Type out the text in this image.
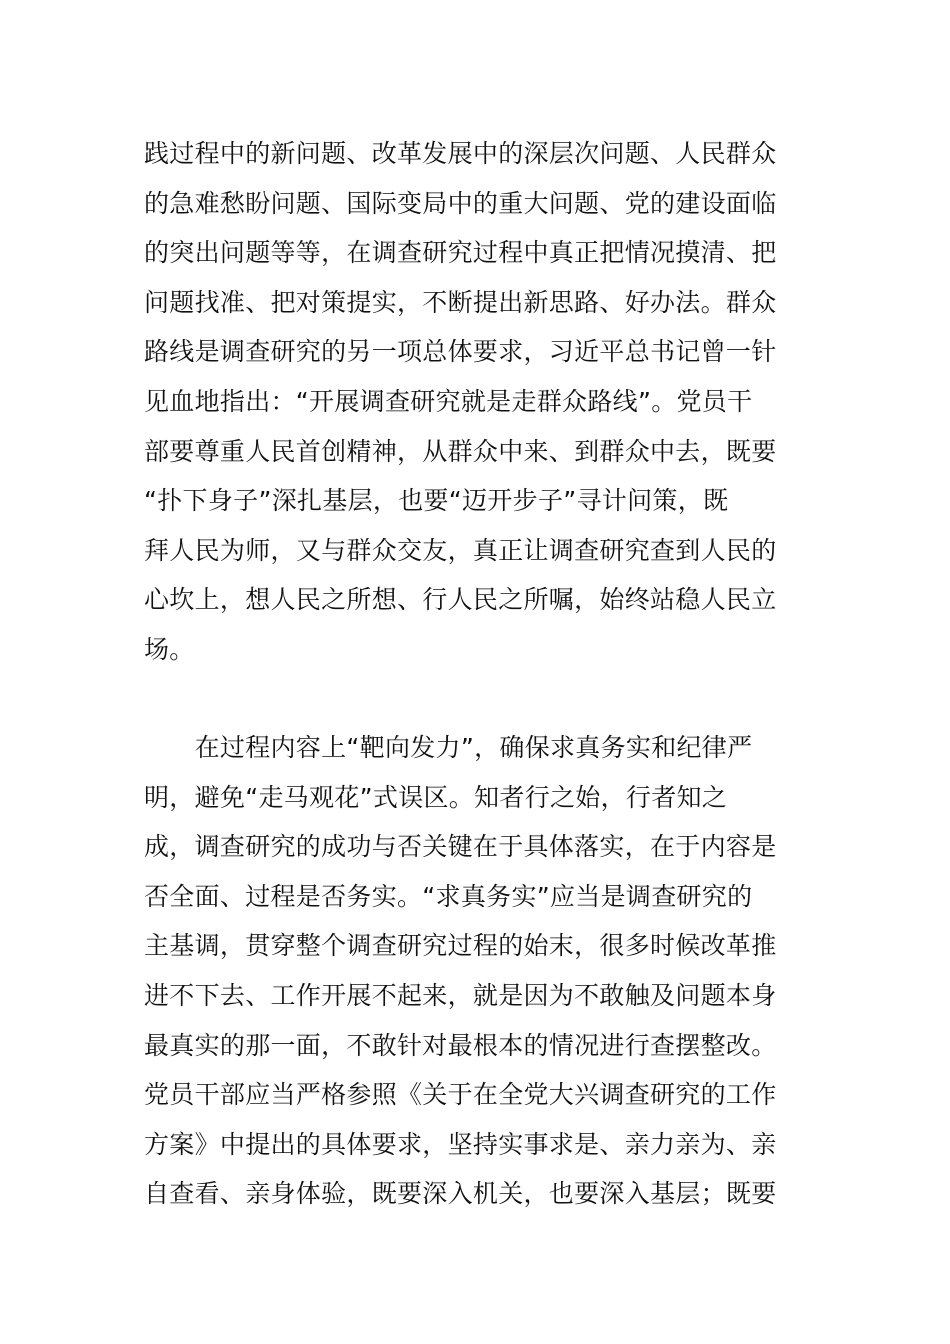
践过程中的新问题、改革发展中的深层次问题、人民群众
的急难愁盼问题、国际变局中的重大问题、党的建设面临
的突出问题等等，在调查研究过程中真正把情况摸清、把
问题找准、把对策提实，不断提出新思路、好办法。群众
路线是调查研究的另一项总体要求，习近平总书记曾一针
见血地指出：“开展调查研究就是走群众路线”。党员干
部要尊重人民首创精神，从群众中来、到群众中去，既要
“扑下身子”深扎基层，也要“迈开步子”寻计问策，既
拜人民为师，又与群众交友，真正让调查研究查到人民的
心坎上，想人民之所想、行人民之所嘱，始终站稳人民立
场。
　　在过程内容上“靶向发力”，确保求真务实和纪律严
明，避免“走马观花”式误区。知者行之始，行者知之
成，调查研究的成功与否关键在于具体落实，在于内容是
否全面、过程是否务实。“求真务实”应当是调查研究的
主基调，贯穿整个调查研究过程的始末，很多时候改革推
进不下去、工作开展不起来，就是因为不敢触及问题本身
最真实的那一面，不敢针对最根本的情况进行查摆整改。
党员干部应当严格参照《关于在全党大兴调查研究的工作
方案》中提出的具体要求，坚持实事求是、亲力亲为、亲
自查看、亲身体验，既要深入机关，也要深入基层；既要
